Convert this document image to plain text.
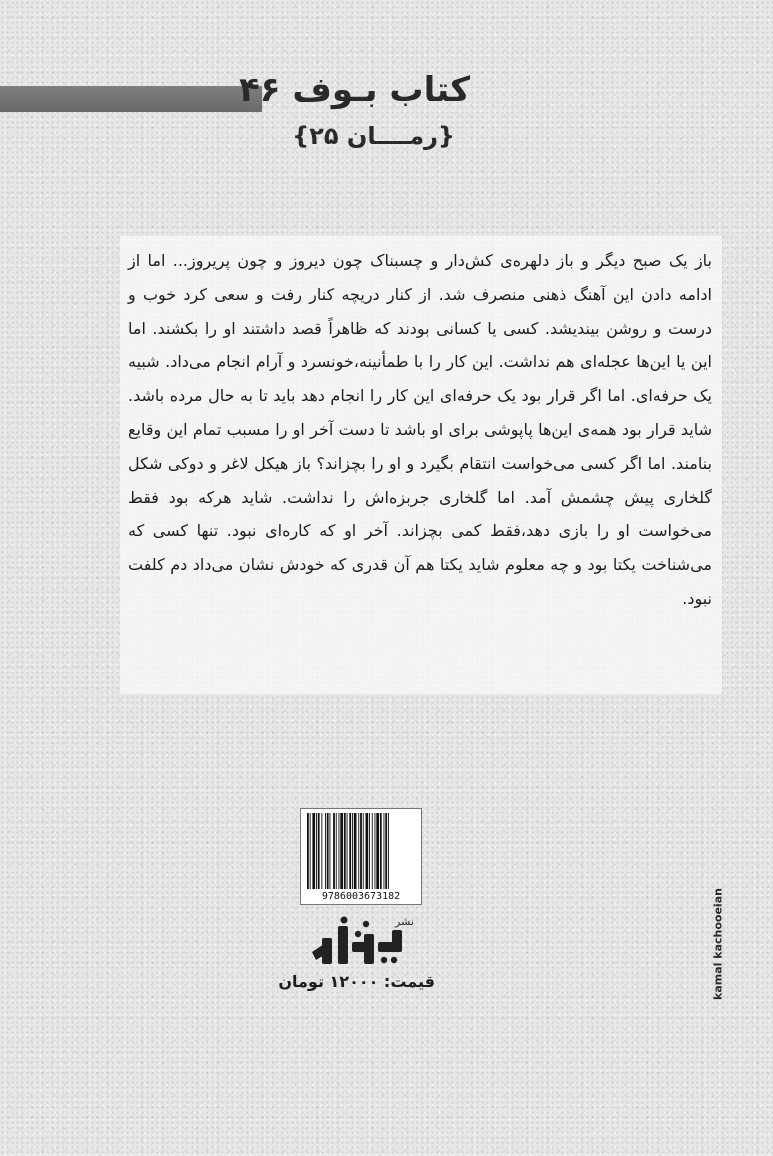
کتاب بـوف ۴۶
{رمــــان ۲۵}

باز یک صبح دیگر و باز دلهره‌ی کش‌دار و چسبناک چون دیروز و چون پریروز... اما از ادامه دادن این آهنگ ذهنی منصرف شد. از کنار دریچه کنار رفت و سعی کرد خوب و درست و روشن بیندیشد. کسی یا کسانی بودند که ظاهراً قصد داشتند او را بکشند. اما این یا این‌ها عجله‌ای هم نداشت. این کار را با طمأنینه،خونسرد و آرام انجام می‌داد. شبیه یک حرفه‌ای. اما اگر قرار بود یک حرفه‌ای این کار را انجام دهد باید تا به حال مرده باشد. شاید قرار بود همه‌ی این‌ها پاپوشی برای او باشد تا دست آخر او را مسبب تمام این وقایع بنامند. اما اگر کسی می‌خواست انتقام بگیرد و او را بچزاند؟ باز هیکل لاغر و دوکی شکل گلخاری پیش چشمش آمد. اما گلخاری جربزه‌اش را نداشت. شاید هرکه بود فقط می‌خواست او را بازی دهد،فقط کمی بچزاند. آخر او که کاره‌ای نبود. تنها کسی که می‌شناخت یکتا بود و چه معلوم شاید یکتا هم آن قدری که خودش نشان می‌داد دم کلفت نبود.

9786003673182
نشر
قیمت: ۱۲۰۰۰ تومان	kamal kachooeian
